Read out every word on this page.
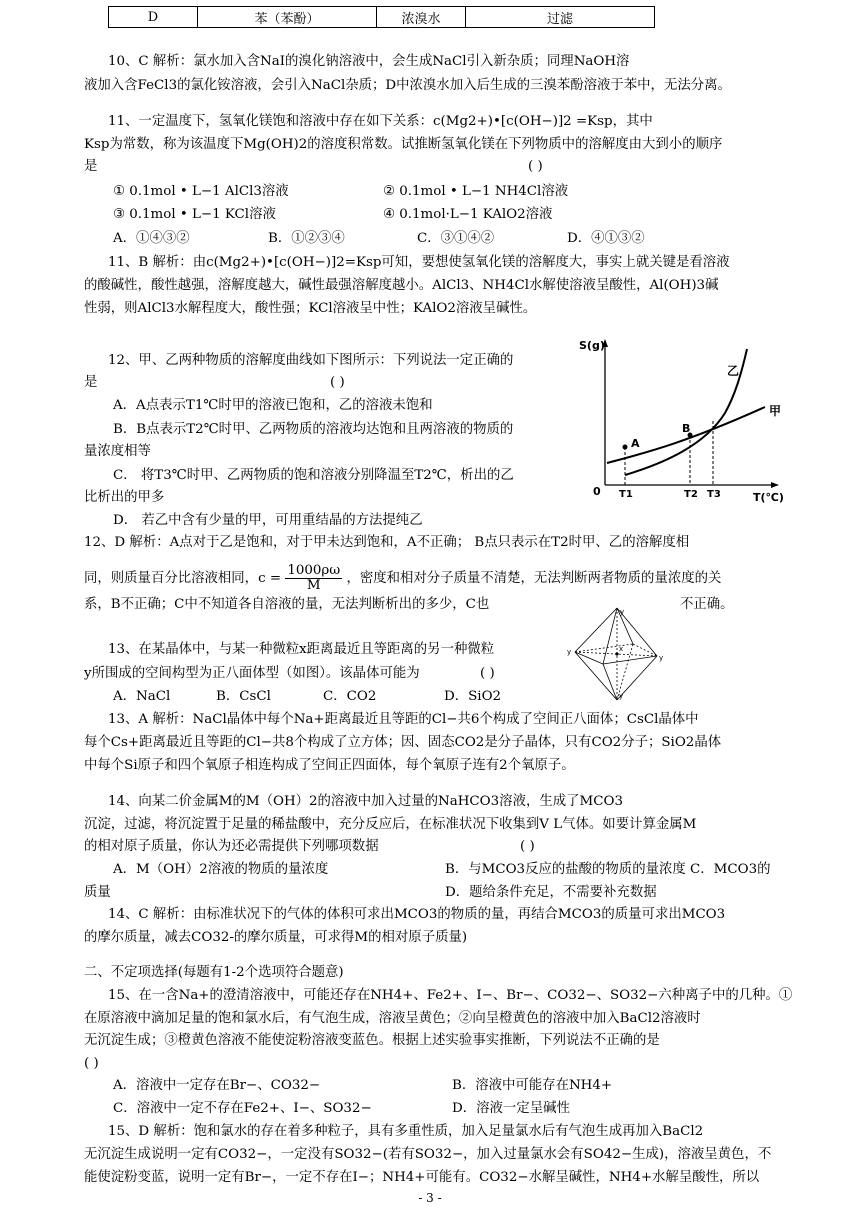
D	苯（苯酚）	浓溴水	过滤
10、C 解析：氯水加入含NaI的溴化钠溶液中，会生成NaCl引入新杂质；同理NaOH溶
液加入含FeCl3的氯化铵溶液，会引入NaCl杂质；D中浓溴水加入后生成的三溴苯酚溶液于苯中，无法分离。
11、一定温度下，氢氧化镁饱和溶液中存在如下关系：c(Mg2+)•[c(OH−)]2 =Ksp，其中
Ksp为常数，称为该温度下Mg(OH)2的溶度积常数。试推断氢氧化镁在下列物质中的溶解度由大到小的顺序
是	( )
① 0.1mol • L−1 AlCl3溶液	② 0.1mol • L−1 NH4Cl溶液
③ 0.1mol • L−1 KCl溶液	④ 0.1mol·L−1 KAlO2溶液
A．①④③②	B．①②③④	C．③①④②	D．④①③②
11、B 解析：由c(Mg2+)•[c(OH−)]2=Ksp可知，要想使氢氧化镁的溶解度大，事实上就关键是看溶液
的酸碱性，酸性越强，溶解度越大，碱性最强溶解度越小。AlCl3、NH4Cl水解使溶液呈酸性，Al(OH)3碱
性弱，则AlCl3水解程度大，酸性强；KCl溶液呈中性；KAlO2溶液呈碱性。
12、甲、乙两种物质的溶解度曲线如下图所示：下列说法一定正确的
是	( )
A．A点表示T1℃时甲的溶液已饱和，乙的溶液未饱和
B．B点表示T2℃时甲、乙两物质的溶液均达饱和且两溶液的物质的
量浓度相等
C． 将T3℃时甲、乙两物质的饱和溶液分别降温至T2℃，析出的乙
比析出的甲多
D． 若乙中含有少量的甲，可用重结晶的方法提纯乙
12、D 解析：A点对于乙是饱和，对于甲未达到饱和，A不正确； B点只表示在T2时甲、乙的溶解度相
同，则质量百分比溶液相同，$c = \frac{1000\rho\omega}{M}$ ，密度和相对分子质量不清楚，无法判断两者物质的量浓度的关
系，B不正确；C中不知道各自溶液的量，无法判断析出的多少，C也	不正确。
S(g)
T(℃)
0
乙
甲
A
B
T1	T2 T3
x
y
y
y
y
13、在某晶体中，与某一种微粒x距离最近且等距离的另一种微粒
y所围成的空间构型为正八面体型（如图）。该晶体可能为	( )
A．NaCl	B．CsCl	C．CO2	D．SiO2
13、A 解析：NaCl晶体中每个Na+距离最近且等距的Cl−共6个构成了空间正八面体；CsCl晶体中
每个Cs+距离最近且等距的Cl−共8个构成了立方体；因、固态CO2是分子晶体，只有CO2分子；SiO2晶体
中每个Si原子和四个氧原子相连构成了空间正四面体，每个氧原子连有2个氧原子。
14、向某二价金属M的M（OH）2的溶液中加入过量的NaHCO3溶液，生成了MCO3
沉淀，过滤，将沉淀置于足量的稀盐酸中，充分反应后，在标准状况下收集到V L气体。如要计算金属M
的相对原子质量，你认为还必需提供下列哪项数据	( )
A．M（OH）2溶液的物质的量浓度	B．与MCO3反应的盐酸的物质的量浓度 C．MCO3的
质量	D．题给条件充足，不需要补充数据
14、C 解析：由标准状况下的气体的体积可求出MCO3的物质的量，再结合MCO3的质量可求出MCO3
的摩尔质量，减去CO32-的摩尔质量，可求得M的相对原子质量)
二、不定项选择(每题有1-2个选项符合题意)
15、在一含Na+的澄清溶液中，可能还存在NH4+、Fe2+、I−、Br−、CO32−、SO32−六种离子中的几种。①
在原溶液中滴加足量的饱和氯水后，有气泡生成，溶液呈黄色；②向呈橙黄色的溶液中加入BaCl2溶液时
无沉淀生成；③橙黄色溶液不能使淀粉溶液变蓝色。根据上述实验事实推断，下列说法不正确的是
( )
A．溶液中一定存在Br−、CO32−	B．溶液中可能存在NH4+
C．溶液中一定不存在Fe2+、I−、SO32−	D．溶液一定呈碱性
15、D 解析：饱和氯水的存在着多种粒子，具有多重性质，加入足量氯水后有气泡生成再加入BaCl2
无沉淀生成说明一定有CO32−，一定没有SO32−(若有SO32−，加入过量氯水会有SO42−生成)，溶液呈黄色，不
能使淀粉变蓝，说明一定有Br−，一定不存在I−；NH4+可能有。CO32−水解呈碱性，NH4+水解呈酸性，所以
- 3 -
